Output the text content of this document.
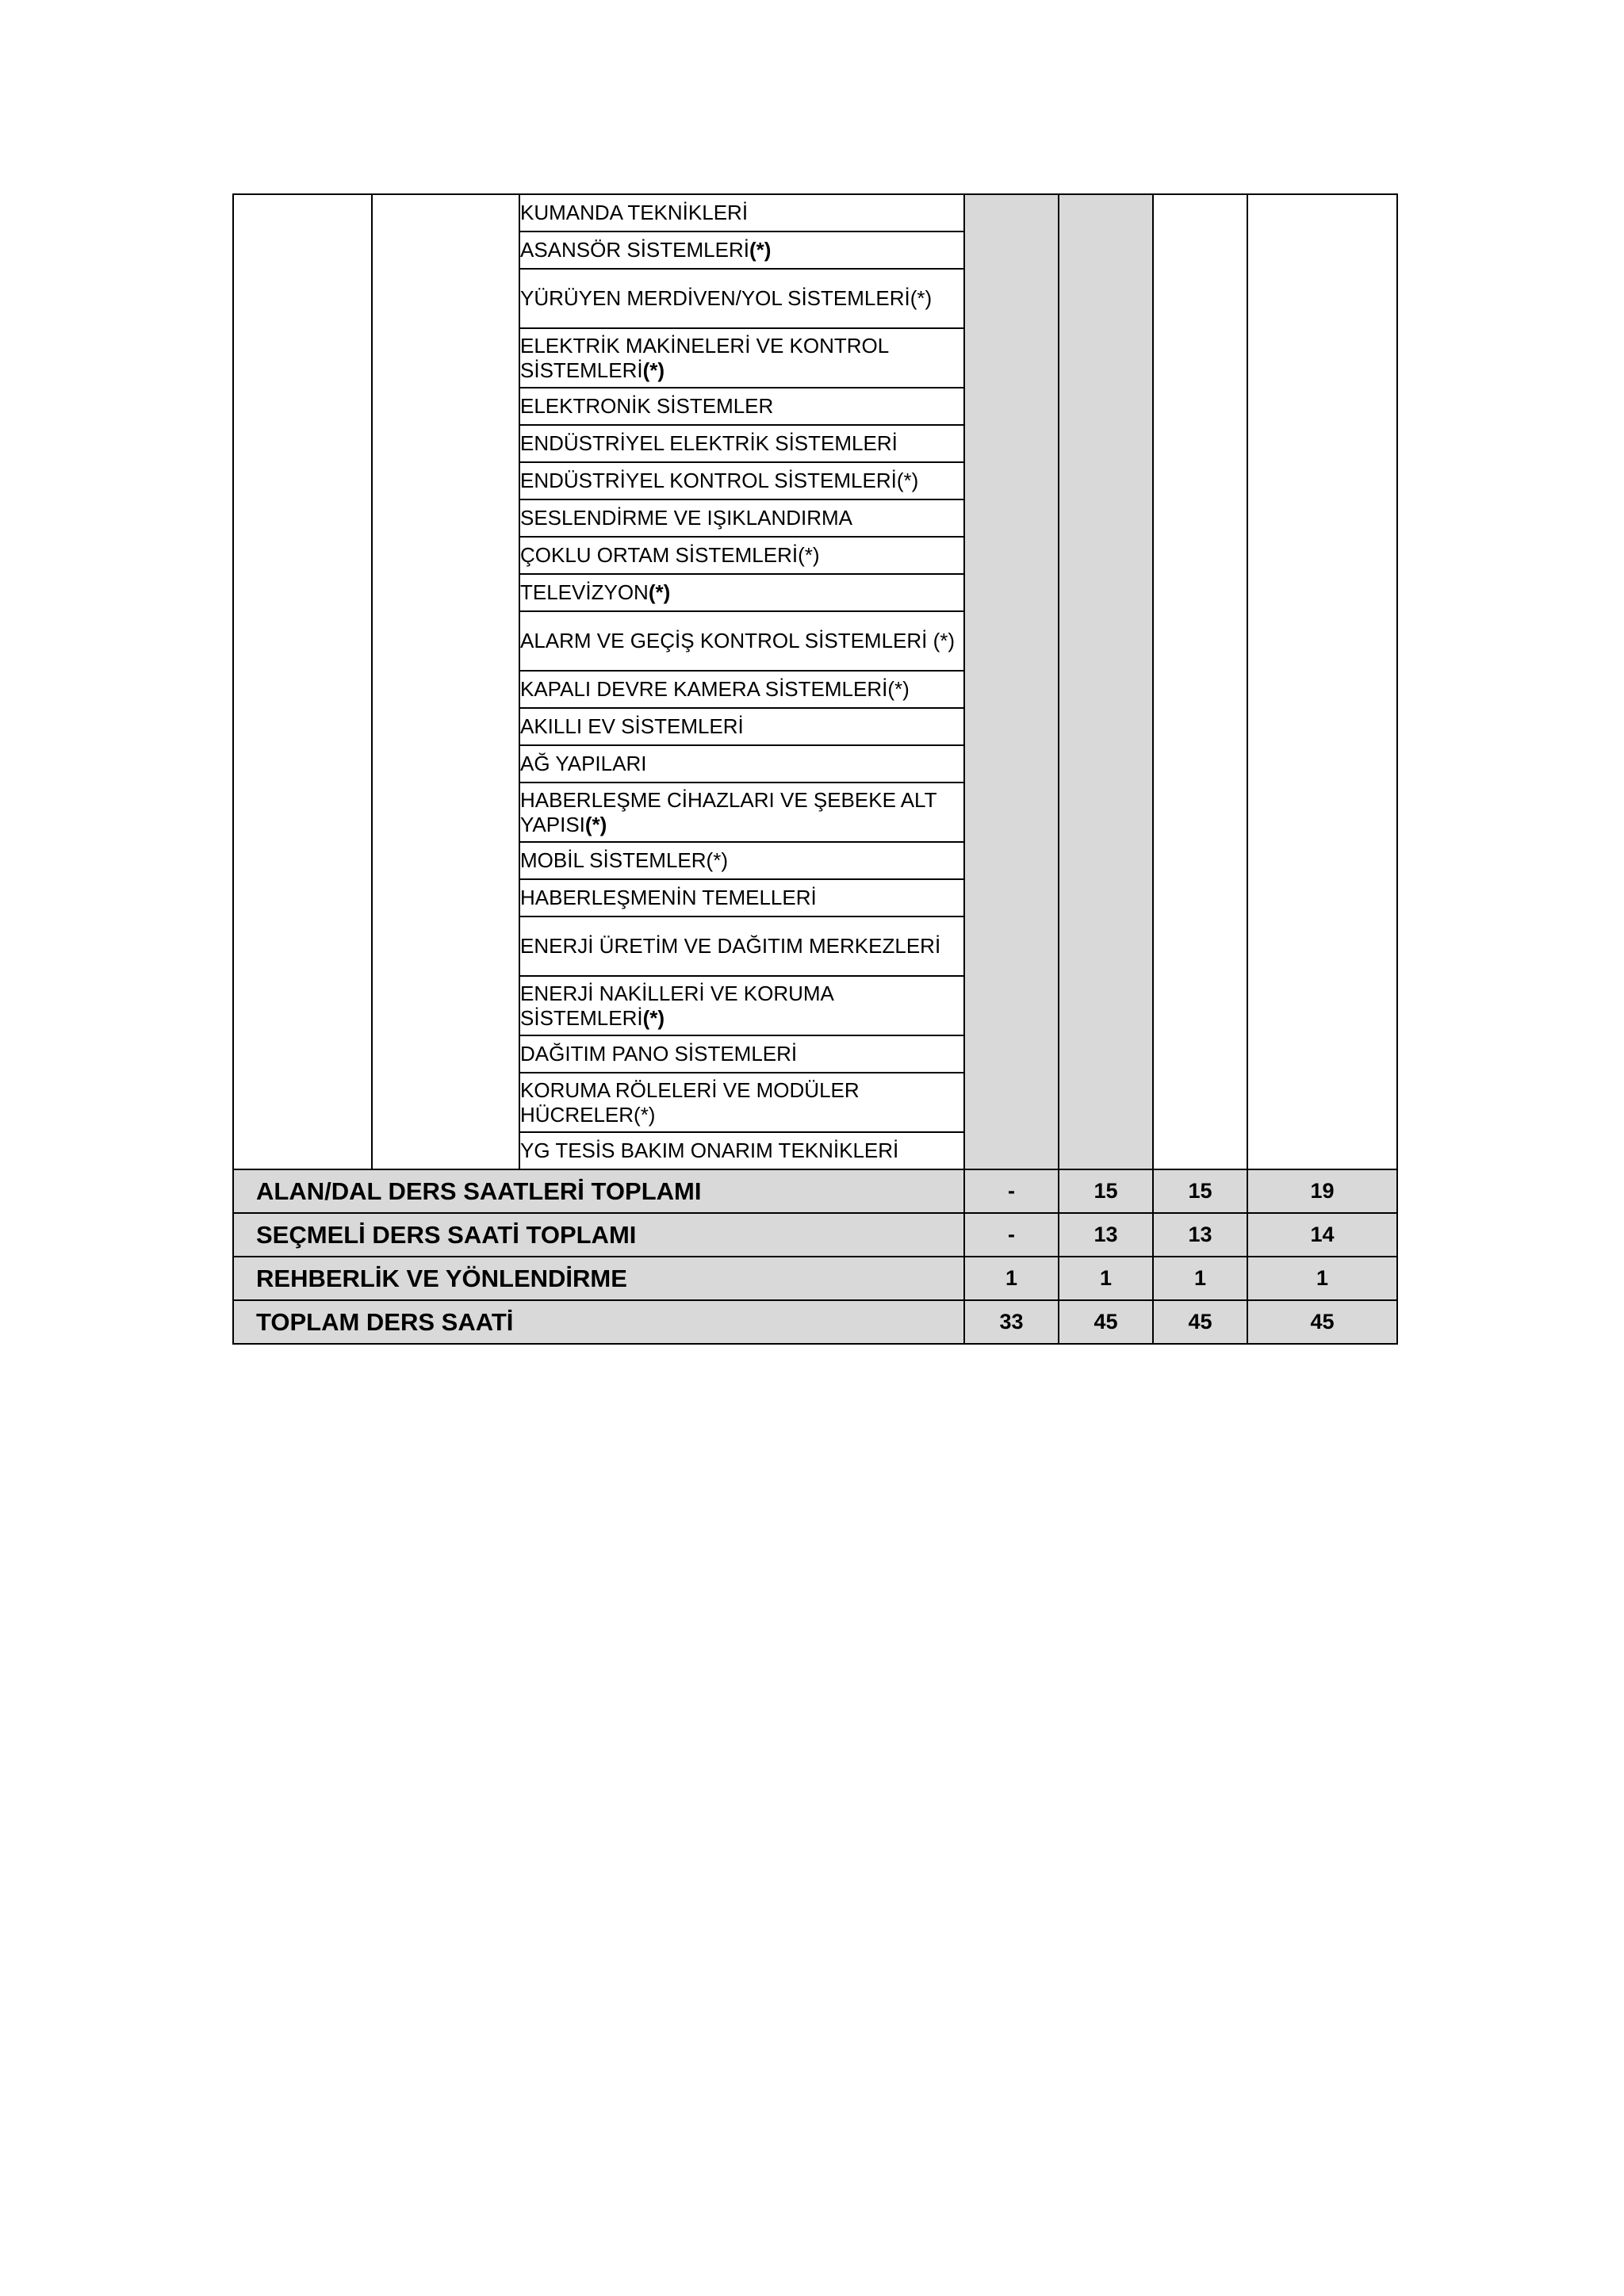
		KUMANDA TEKNİKLERİ				
		ASANSÖR SİSTEMLERİ(*)				
		YÜRÜYEN MERDİVEN/YOL SİSTEMLERİ(*)				
		ELEKTRİK MAKİNELERİ VE KONTROL SİSTEMLERİ(*)				
		ELEKTRONİK SİSTEMLER				
		ENDÜSTRİYEL ELEKTRİK SİSTEMLERİ				
		ENDÜSTRİYEL KONTROL SİSTEMLERİ(*)				
		SESLENDİRME VE IŞIKLANDIRMA				
		ÇOKLU ORTAM SİSTEMLERİ(*)				
		TELEVİZYON(*)				
		ALARM VE GEÇİŞ KONTROL SİSTEMLERİ (*)				
		KAPALI DEVRE KAMERA SİSTEMLERİ(*)				
		AKILLI EV SİSTEMLERİ				
		AĞ YAPILARI				
		HABERLEŞME CİHAZLARI VE ŞEBEKE ALT YAPISI(*)				
		MOBİL SİSTEMLER(*)				
		HABERLEŞMENİN TEMELLERİ				
		ENERJİ ÜRETİM VE DAĞITIM MERKEZLERİ				
		ENERJİ NAKİLLERİ VE KORUMA SİSTEMLERİ(*)				
		DAĞITIM PANO SİSTEMLERİ				
		KORUMA RÖLELERİ VE MODÜLER HÜCRELER(*)				
		YG TESİS BAKIM ONARIM TEKNİKLERİ				
ALAN/DAL DERS SAATLERİ TOPLAMI			-	15	15	19
SEÇMELİ DERS SAATİ TOPLAMI			-	13	13	14
REHBERLİK VE YÖNLENDİRME			1	1	1	1
TOPLAM DERS SAATİ			33	45	45	45
